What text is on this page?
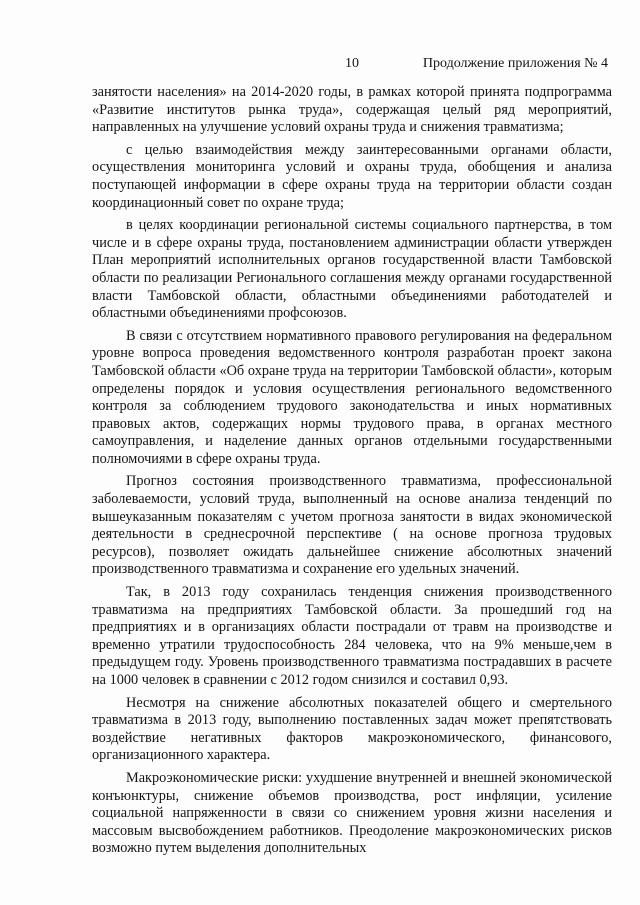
10	Продолжение приложения № 4

занятости населения» на 2014-2020 годы, в рамках которой принята подпрограмма «Развитие институтов рынка труда», содержащая целый ряд мероприятий, направленных на улучшение условий охраны труда и снижения травматизма;

с целью взаимодействия между заинтересованными органами области, осуществления мониторинга условий и охраны труда, обобщения и анализа поступающей информации в сфере охраны труда на территории области создан координационный совет по охране труда;

в целях координации региональной системы социального партнерства, в том числе и в сфере охраны труда, постановлением администрации области утвержден План мероприятий исполнительных органов государственной власти Тамбовской области по реализации Регионального соглашения между органами государственной власти Тамбовской области, областными объединениями работодателей и областными объединениями профсоюзов.

В связи с отсутствием нормативного правового регулирования на федеральном уровне вопроса проведения ведомственного контроля разработан проект закона Тамбовской области «Об охране труда на территории Тамбовской области», которым определены порядок и условия осуществления регионального ведомственного контроля за соблюдением трудового законодательства и иных нормативных правовых актов, содержащих нормы трудового права, в органах местного самоуправления, и наделение данных органов отдельными государственными полномочиями в сфере охраны труда.

Прогноз состояния производственного травматизма, профессиональной заболеваемости, условий труда, выполненный на основе анализа тенденций по вышеуказанным показателям с учетом прогноза занятости в видах экономической деятельности в среднесрочной перспективе ( на основе прогноза трудовых ресурсов), позволяет ожидать дальнейшее снижение абсолютных значений производственного травматизма и сохранение его удельных значений.

Так, в 2013 году сохранилась тенденция снижения производственного травматизма на предприятиях Тамбовской области. За прошедший год на предприятиях и в организациях области пострадали от травм на производстве и временно утратили трудоспособность 284 человека, что на 9% меньше,чем в предыдущем году. Уровень производственного травматизма пострадавших в расчете на 1000 человек в сравнении с 2012 годом снизился и составил 0,93.

Несмотря на снижение абсолютных показателей общего и смертельного травматизма в 2013 году, выполнению поставленных задач может препятствовать воздействие негативных факторов макроэкономического, финансового, организационного характера.

Макроэкономические риски: ухудшение внутренней и внешней экономической конъюнктуры, снижение объемов производства, рост инфляции, усиление социальной напряженности в связи со снижением уровня жизни населения и массовым высвобождением работников. Преодоление макроэкономических рисков возможно путем выделения дополнительных
